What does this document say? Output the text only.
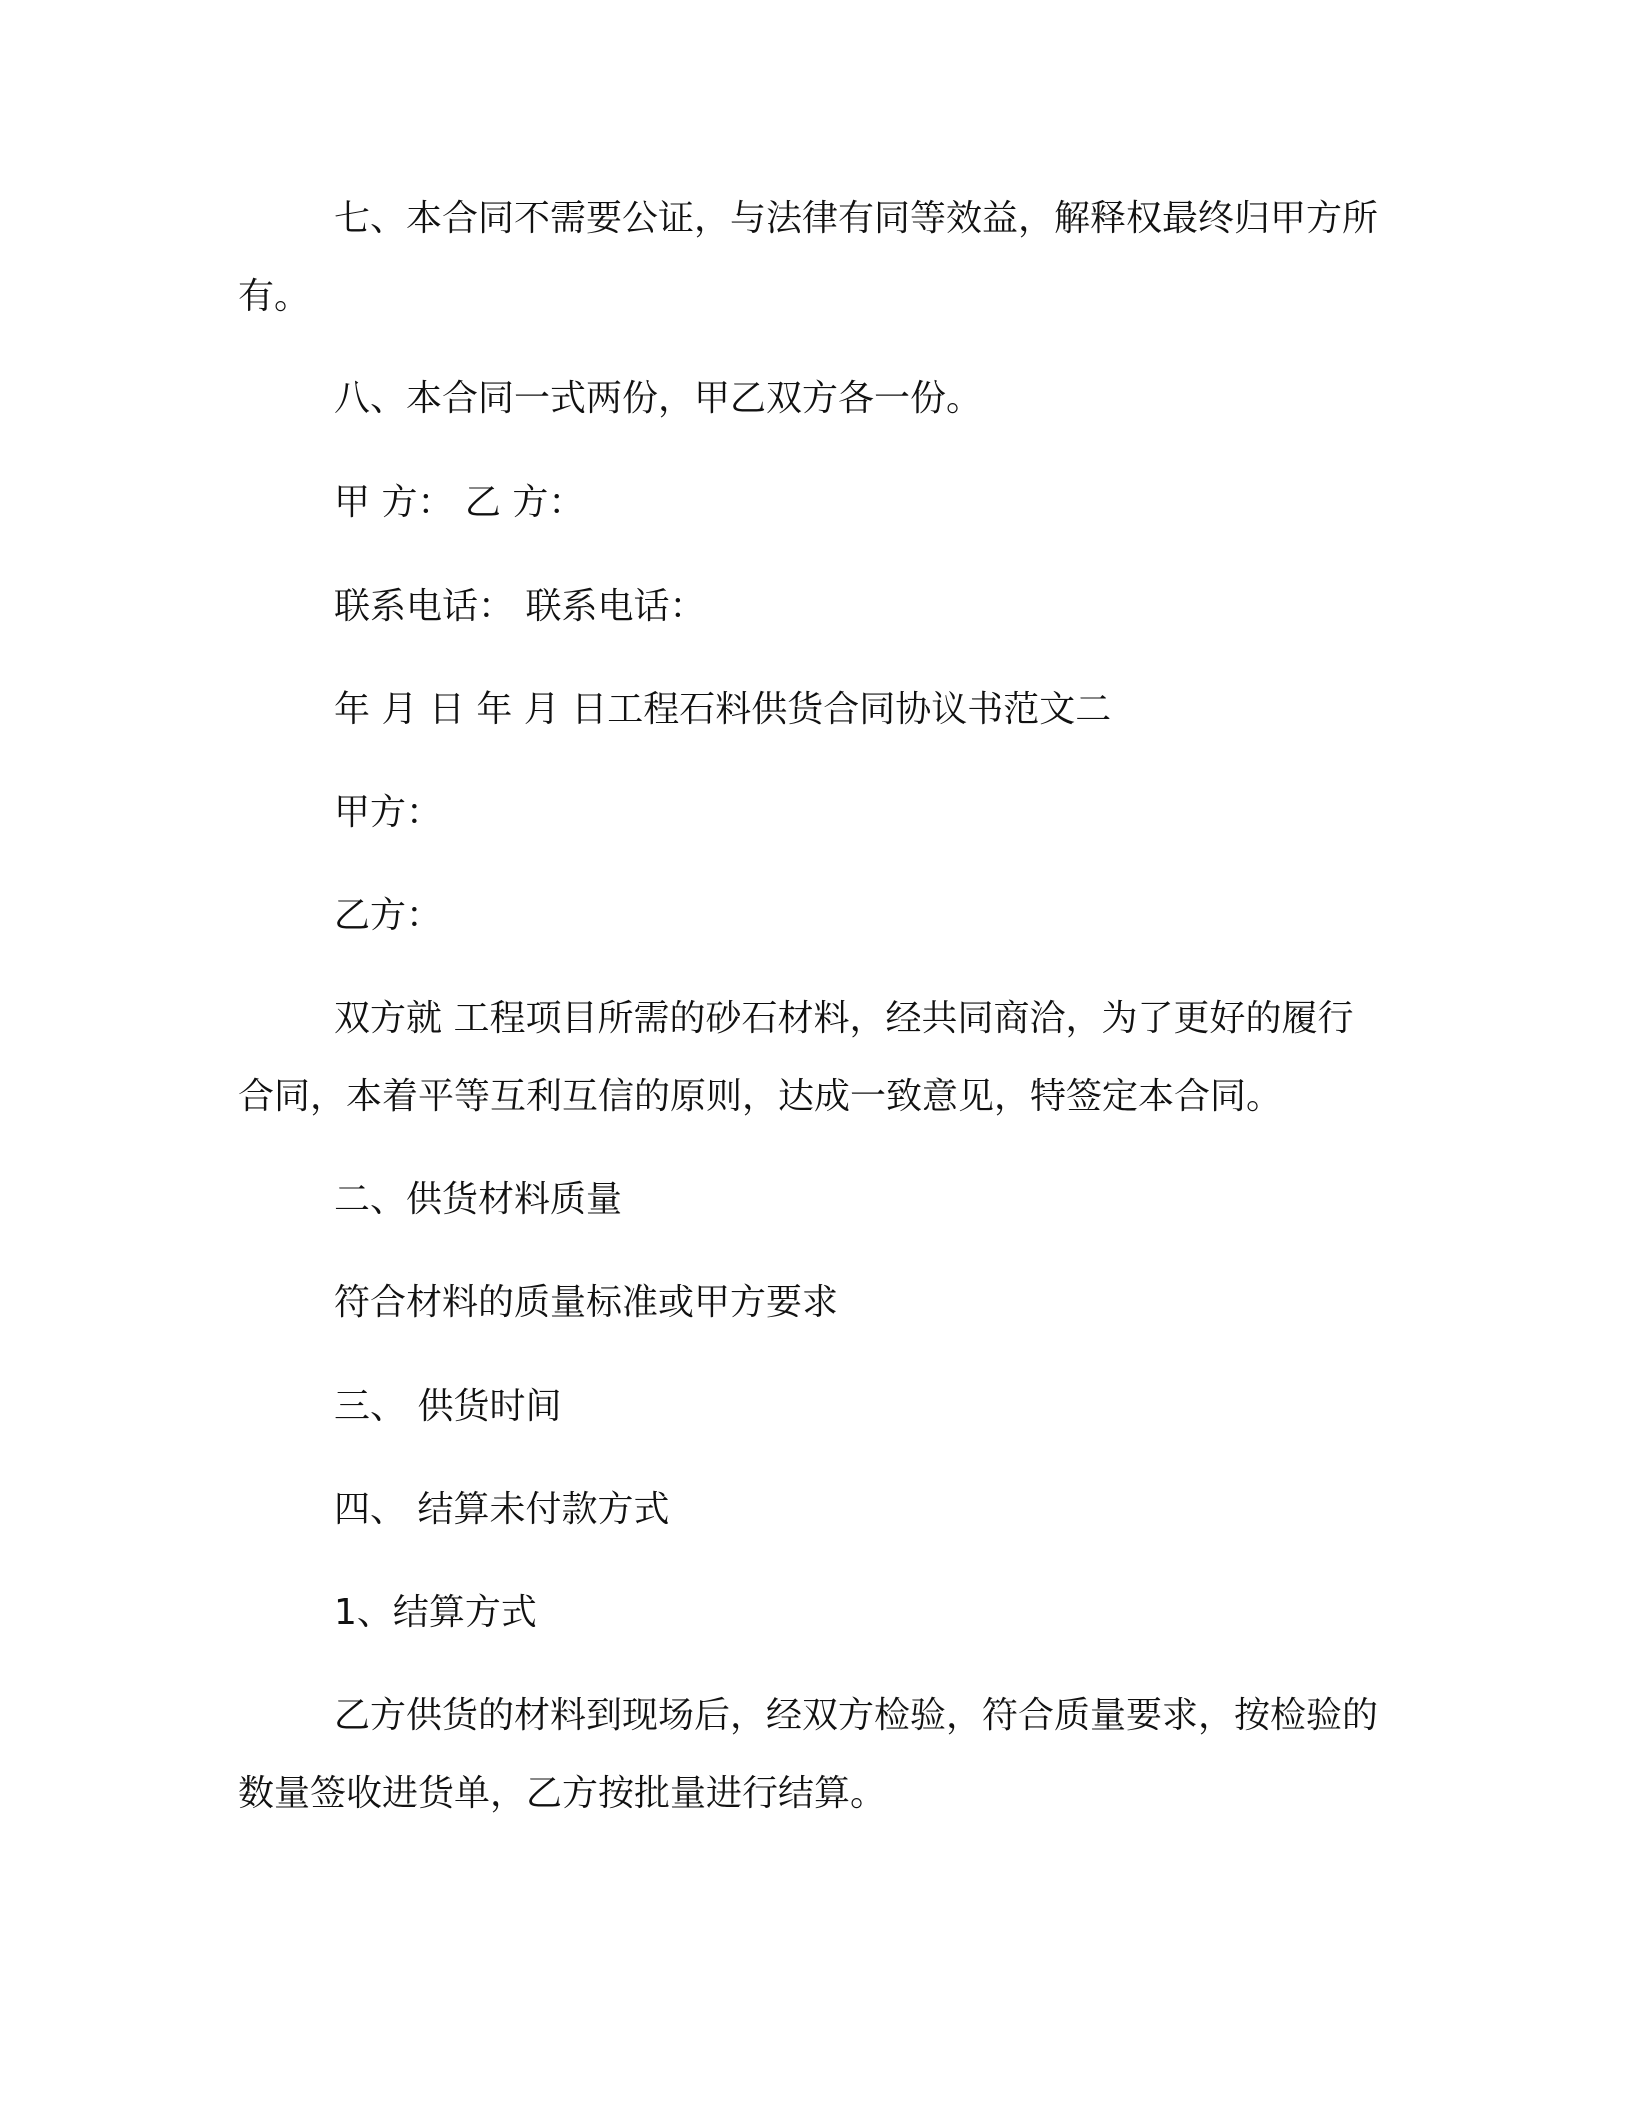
七、本合同不需要公证，与法律有同等效益，解释权最终归甲方所有。

八、本合同一式两份，甲乙双方各一份。

甲 方： 乙 方：

联系电话： 联系电话：

年 月 日 年 月 日工程石料供货合同协议书范文二

甲方：

乙方：

双方就 工程项目所需的砂石材料，经共同商洽，为了更好的履行合同，本着平等互利互信的原则，达成一致意见，特签定本合同。

二、供货材料质量

符合材料的质量标准或甲方要求

三、 供货时间

四、 结算未付款方式

1、结算方式

乙方供货的材料到现场后，经双方检验，符合质量要求，按检验的数量签收进货单，乙方按批量进行结算。
